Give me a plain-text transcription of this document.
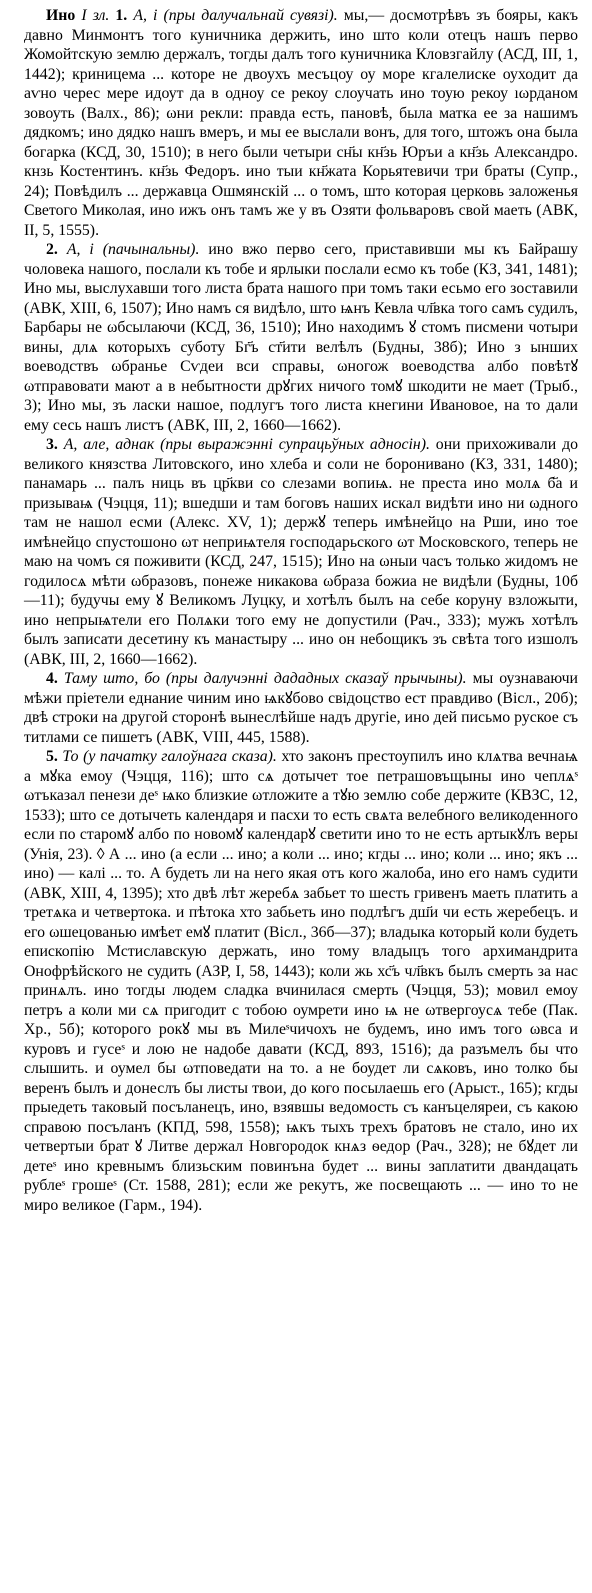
Ино I зл. 1. А, і (пры далучальнай сувязі). мы,— досмотрѣвъ зъ бояры, какъ давно Минмонтъ того куничника держить, ино што коли отецъ нашъ перво Жомойтскую землю держалъ, тогды далъ того куничника Кловзгайлу (АСД, III, 1, 1442); криницема ... которе не двоухъ месъцоу оу море кгалелиске оуходит да аѵно черес мере идоут да в одноу се рекоу слоучать ино тоую рекоу ıωрданом зовоуть (Валх., 86); ωни рекли: правда есть, пановѣ, была матка ее за нашимъ дядкомъ; ино дядко нашъ вмеръ, и мы ее выслали вонъ, для того, штожъ она была богарка (КСД, 30, 1510); в него были четыри сн҃ы кн҃зь Юръи а кн҃зь Александро. кнзь Костентинъ. кн҃зь Федоръ. ино тыи кн҃жата Корьятевичи три браты (Супр., 24); Повѣдилъ ... державца Ошмянскій ... о томъ, што которая церковь заложенья Светого Миколая, ино ижъ онъ тамъ же у въ Озяти фольваровъ свой маеть (АВК, II, 5, 1555).

2. А, і (пачынальны). ино вжо перво сего, приставивши мы къ Байрашу чоловека нашого, послали къ тобе и ярлыки послали есмо къ тобе (КЗ, 341, 1481); Ино мы, выслухавши того листа брата нашого при томъ таки есьмо его зоставили (АВК, XIII, 6, 1507); Ино намъ ся видѣло, што ѩнъ Кевла чл҃вка того самъ судилъ, Барбары не ωбсылаючи (КСД, 36, 1510); Ино находимъ ꙋ стомъ писмени чотыри вины, длѧ которыхъ суботу Бг҃ъ ст҃ити велѣлъ (Будны, 38б); Ино з ынших воеводствъ ωбранье Сѵдеи вси справы, ωногож воеводства албо повѣтꙋ ωтправовати мают а в небытности дрꙋгих ничого томꙋ шкодити не мает (Трыб., 3); Ино мы, зъ ласки нашое, подлугъ того листа кнегини Ивановое, на то дали ему сесь нашъ листъ (АВК, III, 2, 1660—1662).

3. А, але, аднак (пры выражэнні супрацьўных адносін). они прихоживали до великого князства Литовского, ино хлеба и соли не боронивано (КЗ, 331, 1480); панамарь ... палъ ниць въ цр҃кви со слезами вопиѩ. не преста ино молѧ б҃а и призываѩ (Чэцця, 11); вшедши и там боговъ наших искал видѣти ино ни ωдного там не нашол есми (Алекс. XV, 1); держꙋ теперь имѣнейцо на Рши, ино тое имѣнейцо спустошоно ωт неприѩтеля господарьского ωт Московского, теперь не маю на чомъ ся поживити (КСД, 247, 1515); Ино на ωныи часъ только жидомъ не годилосѧ мѣти ωбразовъ, понеже никакова ωбраза божиа не видѣли (Будны, 10б—11); будучы ему ꙋ Великомъ Луцку, и хотѣлъ былъ на себе коруну взложыти, ино непрыѩтели его Полѧки того ему не допустили (Рач., 333); мужъ хотѣлъ былъ записати десетину къ манастыру ... ино он небощикъ зъ свѣта того изшолъ (АВК, III, 2, 1660—1662).

4. Таму што, бо (пры далучэнні дададных сказаў прычыны). мы оузнаваючи мѣжи пріетели еднание чиним ино ѩкꙋбово свідоцство ест правдиво (Вісл., 20б); двѣ строки на другой сторонѣ вынеслѣйше надъ другіе, ино дей письмо руское съ титлами се пишетъ (АВК, VIII, 445, 1588).

5. То (у пачатку галоўнага сказа). хто законъ престоупилъ ино клѧтва вечнаѩ а мꙋка емоу (Чэцця, 116); што сѧ дотычет тое петрашовъщыны ино чеплѧˢ ωтъказал пенези деˢ ѩко близкие ωтложите а тꙋю землю собе держите (КВЗС, 12, 1533); што се дотычеть календаря и пасхи то есть свѧта велебного великоденного если по старомꙋ албо по новомꙋ календарꙋ светити ино то не есть артыкꙋлъ веры (Унія, 23). ◊ А ... ино (а если ... ино; а коли ... ино; кгды ... ино; коли ... ино; якъ ... ино) — калі ... то. А будеть ли на него якая отъ кого жалоба, ино его намъ судити (АВК, XIII, 4, 1395); хто двѣ лѣт жеребѧ забьет то шесть гривенъ маеть платить а третѧка и четвертока. и пѣтока хто забьеть ино подлѣгъ дш҃и чи есть жеребецъ. и его ωшецованью имѣет емꙋ платит (Вісл., 36б—37); владыка который коли будеть епископію Мстиславскую держать, ино тому владыцъ того архимандрита Онофрѣйского не судить (АЗР, I, 58, 1443); коли жь хс҃ъ чл҃вкъ былъ смерть за нас принѧлъ. ино тогды людем сладка вчинилася смерть (Чэцця, 53); мовил емоу петръ а коли ми сѧ пригодит с тобою оумрети ино ѩ не ωтвергоусѧ тебе (Пак. Хр., 5б); которого рокꙋ мы въ Милеˢчичохъ не будемъ, ино имъ того ωвса и куровъ и гусеˢ и лою не надобе давати (КСД, 893, 1516); да разъмелъ бы что слышить. и оумел бы ωтповедати на то. а не боудет ли сѧковъ, ино толко бы веренъ былъ и донеслъ бы листы твои, до кого посылаешь его (Арыст., 165); кгды прыедеть таковый посъланецъ, ино, взявшы ведомость съ канъцеляреи, съ какою справою посъланъ (КПД, 598, 1558); ѩкъ тыхъ трехъ братовъ не стало, ино их четвертыи брат ꙋ Литве держал Новгородок кнѧз ѳедор (Рач., 328); не бꙋдет ли детеˢ ино кревнымъ близьским повинъна будет ... вины заплатити двандацать рублеˢ грошеˢ (Ст. 1588, 281); если же рекутъ, же посвещають ... — ино то не миро великое (Гарм., 194).
